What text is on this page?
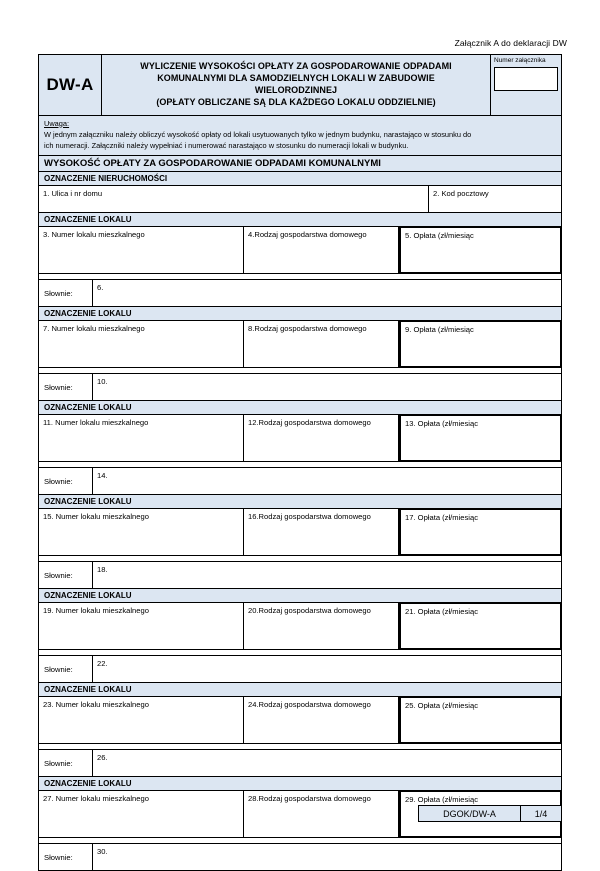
Załącznik A do deklaracji DW
DW-A
WYLICZENIE WYSOKOŚCI OPŁATY ZA GOSPODAROWANIE ODPADAMI
KOMUNALNYMI DLA SAMODZIELNYCH LOKALI W ZABUDOWIE
WIELORODZINNEJ
(OPŁATY OBLICZANE SĄ DLA KAŻDEGO LOKALU ODDZIELNIE)
Numer załącznika
Uwaga:
W jednym załączniku należy obliczyć wysokość opłaty od lokali usytuowanych tylko w jednym budynku, narastająco w stosunku do
ich numeracji. Załączniki należy wypełniać i numerować narastająco w stosunku do numeracji lokali w budynku.
WYSOKOŚĆ OPŁATY ZA GOSPODAROWANIE ODPADAMI KOMUNALNYMI
OZNACZENIE NIERUCHOMOŚCI
1. Ulica i nr domu	2. Kod pocztowy
OZNACZENIE LOKALU
3. Numer lokalu mieszkalnego	4.Rodzaj gospodarstwa domowego	5. Opłata (zł/miesiąc
Słownie:
6.
OZNACZENIE LOKALU
7. Numer lokalu mieszkalnego	8.Rodzaj gospodarstwa domowego	9. Opłata (zł/miesiąc
Słownie:
10.
OZNACZENIE LOKALU
11. Numer lokalu mieszkalnego	12.Rodzaj gospodarstwa domowego	13. Opłata (zł/miesiąc
Słownie:
14.
OZNACZENIE LOKALU
15. Numer lokalu mieszkalnego	16.Rodzaj gospodarstwa domowego	17. Opłata (zł/miesiąc
Słownie:
18.
OZNACZENIE LOKALU
19. Numer lokalu mieszkalnego	20.Rodzaj gospodarstwa domowego	21. Opłata (zł/miesiąc
Słownie:
22.
OZNACZENIE LOKALU
23. Numer lokalu mieszkalnego	24.Rodzaj gospodarstwa domowego	25. Opłata (zł/miesiąc
Słownie:
26.
OZNACZENIE LOKALU
27. Numer lokalu mieszkalnego	28.Rodzaj gospodarstwa domowego	29. Opłata (zł/miesiąc
Słownie:
30.
DGOK/DW-A	1/4
